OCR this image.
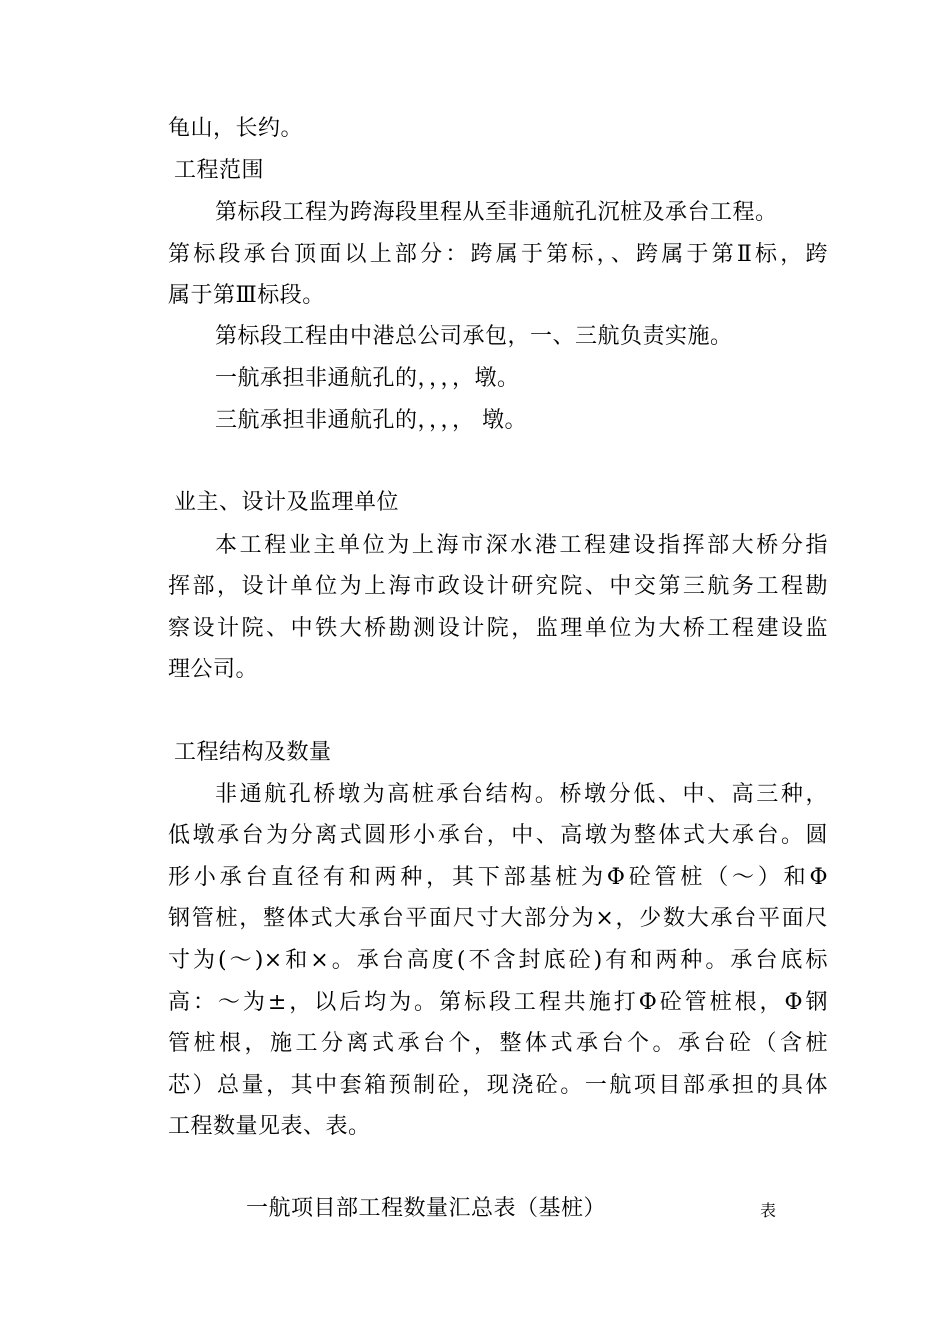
龟山，长约。
工程范围
第标段工程为跨海段里程从至非通航孔沉桩及承台工程。
第标段承台顶面以上部分：跨属于第标，、跨属于第Ⅱ标，跨
属于第Ⅲ标段。
第标段工程由中港总公司承包，一、三航负责实施。
一航承担非通航孔的，，，，墩。
三航承担非通航孔的，，，， 墩。
业主、设计及监理单位
本工程业主单位为上海市深水港工程建设指挥部大桥分指
挥部，设计单位为上海市政设计研究院、中交第三航务工程勘
察设计院、中铁大桥勘测设计院，监理单位为大桥工程建设监
理公司。
工程结构及数量
非通航孔桥墩为高桩承台结构。桥墩分低、中、高三种，
低墩承台为分离式圆形小承台，中、高墩为整体式大承台。圆
形小承台直径有和两种，其下部基桩为Φ砼管桩（～）和Φ
钢管桩，整体式大承台平面尺寸大部分为×，少数大承台平面尺
寸为(～)×和×。承台高度(不含封底砼)有和两种。承台底标
高：～为±，以后均为。第标段工程共施打Φ砼管桩根，Φ钢
管桩根，施工分离式承台个，整体式承台个。承台砼（含桩
芯）总量，其中套箱预制砼，现浇砼。一航项目部承担的具体
工程数量见表、表。
一航项目部工程数量汇总表（基桩）	表
